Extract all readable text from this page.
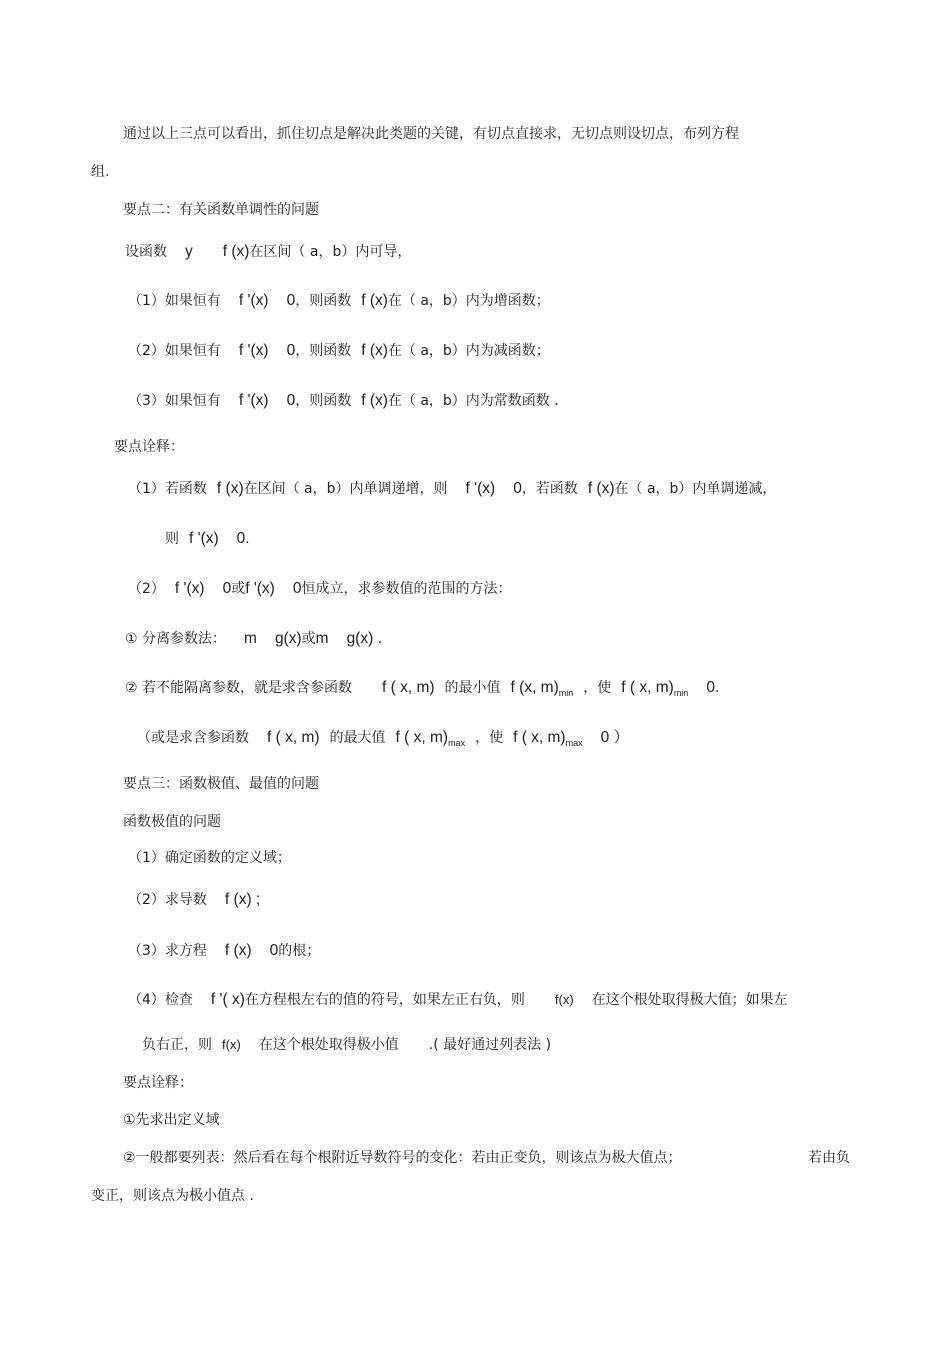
通过以上三点可以看出，抓住切点是解决此类题的关键，有切点直接求，无切点则设切点，布列方程
组.
要点二：有关函数单调性的问题
设函数 y f (x)在区间（ a，b）内可导，
（1）如果恒有 f '(x) 0，则函数 f (x)在（ a，b）内为增函数；
（2）如果恒有 f '(x) 0，则函数 f (x)在（ a，b）内为减函数；
（3）如果恒有 f '(x) 0，则函数 f (x)在（ a，b）内为常数函数 .
要点诠释：
（1）若函数 f (x)在区间（ a，b）内单调递增，则 f '(x) 0，若函数 f (x)在（ a，b）内单调递减，
则 f '(x) 0.
（2） f '(x) 0或f '(x) 0恒成立，求参数值的范围的方法：
① 分离参数法： m g(x)或m g(x) .
② 若不能隔离参数，就是求含参函数 f ( x, m) 的最小值 f (x, $m)_{min}$ ，使 f ( x, $m)_{min}$ 0.
（或是求含参函数 f ( x, m) 的最大值 f ( x, $m)_{max}$ ，使 f ( x, $m)_{max}$ 0 ）
要点三：函数极值、最值的问题
函数极值的问题
（1）确定函数的定义域；
（2）求导数 f (x) ;
（3）求方程 f (x) 0的根；
（4）检查 f '( x)在方程根左右的值的符号，如果左正右负，则 f(x) 在这个根处取得极大值；如果左
负右正，则 f(x) 在这个根处取得极小值 .( 最好通过列表法 )
要点诠释：
①先求出定义域
②一般都要列表：然后看在每个根附近导数符号的变化：若由正变负，则该点为极大值点；	若由负
变正，则该点为极小值点 .
